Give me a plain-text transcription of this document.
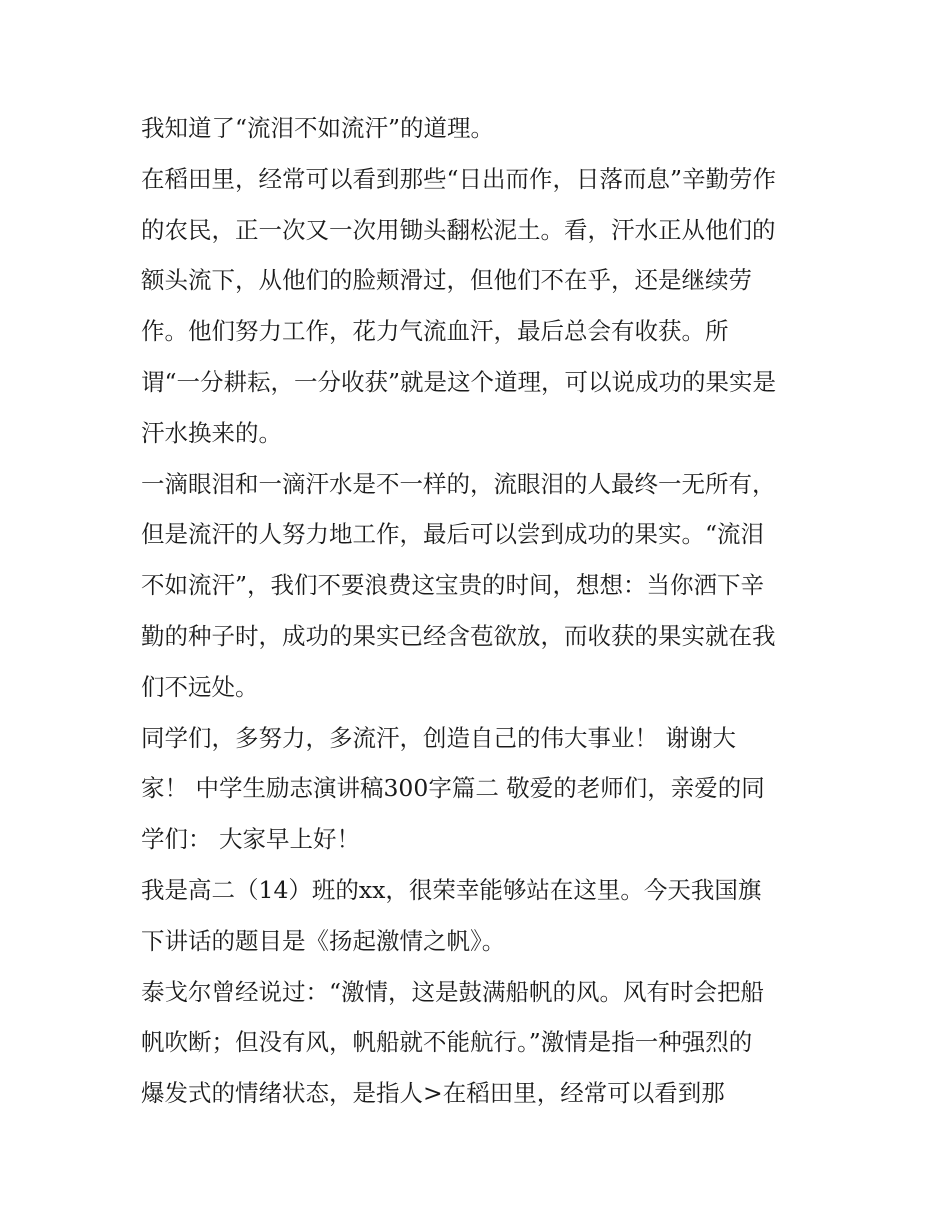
我知道了“流泪不如流汗”的道理。
在稻田里，经常可以看到那些“日出而作，日落而息”辛勤劳作
的农民，正一次又一次用锄头翻松泥土。看，汗水正从他们的
额头流下，从他们的脸颊滑过，但他们不在乎，还是继续劳
作。他们努力工作，花力气流血汗，最后总会有收获。所
谓“一分耕耘，一分收获”就是这个道理，可以说成功的果实是
汗水换来的。
一滴眼泪和一滴汗水是不一样的，流眼泪的人最终一无所有，
但是流汗的人努力地工作，最后可以尝到成功的果实。“流泪
不如流汗”，我们不要浪费这宝贵的时间，想想：当你洒下辛
勤的种子时，成功的果实已经含苞欲放，而收获的果实就在我
们不远处。
同学们，多努力，多流汗，创造自己的伟大事业！ 谢谢大
家！ 中学生励志演讲稿300字篇二 敬爱的老师们，亲爱的同
学们： 大家早上好！
我是高二（14）班的xx，很荣幸能够站在这里。今天我国旗
下讲话的题目是《扬起激情之帆》。
泰戈尔曾经说过：“激情，这是鼓满船帆的风。风有时会把船
帆吹断；但没有风，帆船就不能航行。”激情是指一种强烈的
爆发式的情绪状态，是指人>在稻田里，经常可以看到那
